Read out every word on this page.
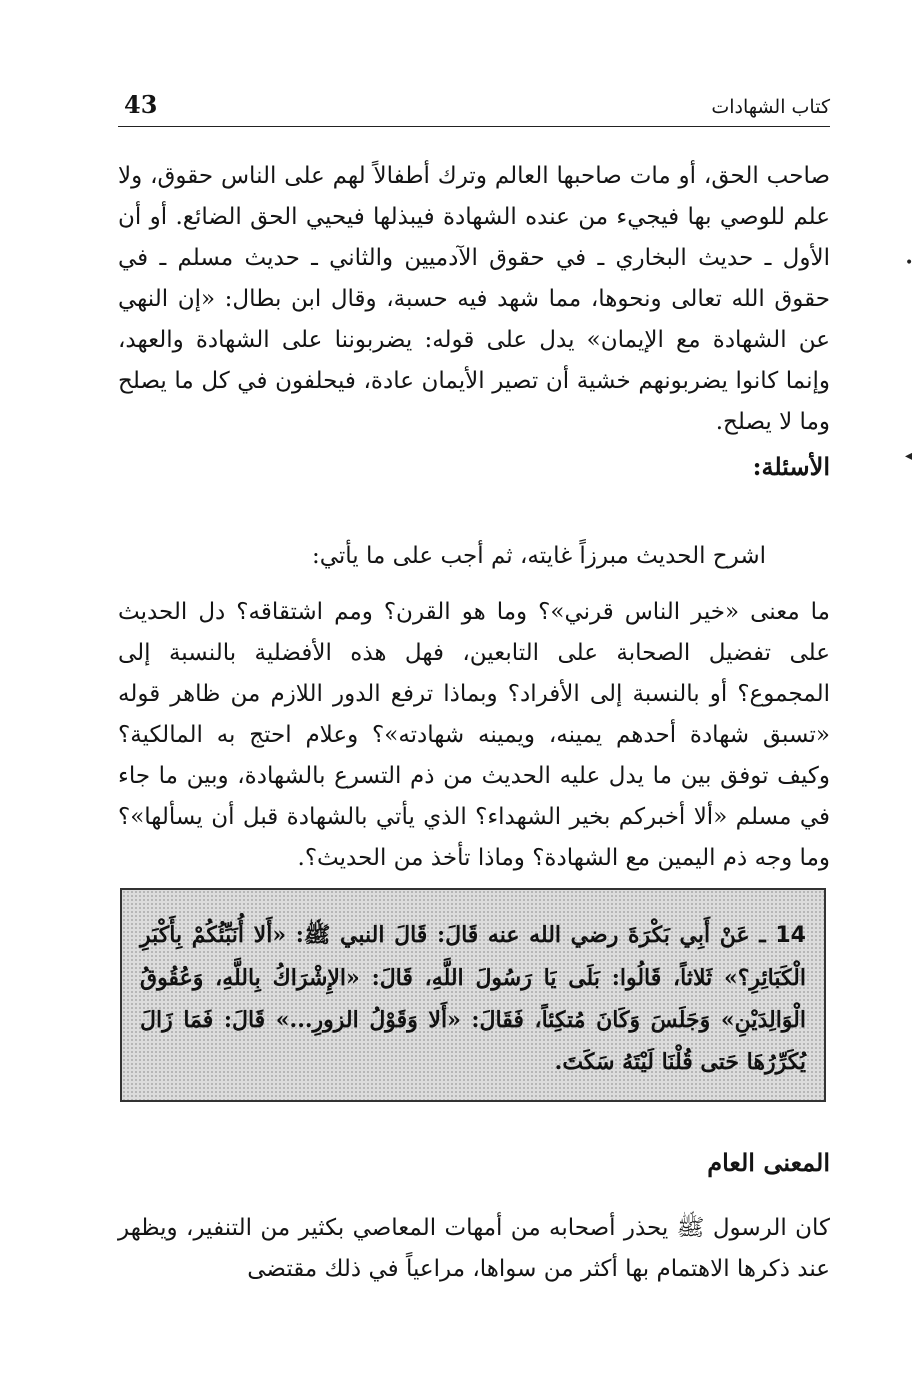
43	كتاب الشهادات

صاحب الحق، أو مات صاحبها العالم وترك أطفالاً لهم على الناس حقوق، ولا علم للوصي بها فيجيء من عنده الشهادة فيبذلها فيحيي الحق الضائع. أو أن الأول ـ حديث البخاري ـ في حقوق الآدميين والثاني ـ حديث مسلم ـ في حقوق الله تعالى ونحوها، مما شهد فيه حسبة، وقال ابن بطال: «إن النهي عن الشهادة مع الإيمان» يدل على قوله: يضربوننا على الشهادة والعهد، وإنما كانوا يضربونهم خشية أن تصير الأيمان عادة، فيحلفون في كل ما يصلح وما لا يصلح.

الأسئلة:
اشرح الحديث مبرزاً غايته، ثم أجب على ما يأتي:

ما معنى «خير الناس قرني»؟ وما هو القرن؟ ومم اشتقاقه؟ دل الحديث على تفضيل الصحابة على التابعين، فهل هذه الأفضلية بالنسبة إلى المجموع؟ أو بالنسبة إلى الأفراد؟ وبماذا ترفع الدور اللازم من ظاهر قوله «تسبق شهادة أحدهم يمينه، ويمينه شهادته»؟ وعلام احتج به المالكية؟ وكيف توفق بين ما يدل عليه الحديث من ذم التسرع بالشهادة، وبين ما جاء في مسلم «ألا أخبركم بخير الشهداء؟ الذي يأتي بالشهادة قبل أن يسألها»؟ وما وجه ذم اليمين مع الشهادة؟ وماذا تأخذ من الحديث؟.

14 ـ عَنْ أَبِي بَكْرَةَ رضي الله عنه قَالَ: قَالَ النبي ﷺ: «أَلا أُنَبِّئُكُمْ بِأَكْبَرِ الْكَبَائِرِ؟» ثَلاثاً، قَالُوا: بَلَى يَا رَسُولَ اللَّهِ، قَالَ: «الإِشْرَاكُ بِاللَّهِ، وَعُقُوقُ الْوَالِدَيْنِ» وَجَلَسَ وَكَانَ مُتكِئاً، فَقَالَ: «أَلا وَقَوْلُ الزورِ...» قَالَ: فَمَا زَالَ يُكَرِّرُهَا حَتى قُلْنَا لَيْتَهُ سَكَتَ.

المعنى العام

كان الرسول ﷺ يحذر أصحابه من أمهات المعاصي بكثير من التنفير، ويظهر عند ذكرها الاهتمام بها أكثر من سواها، مراعياً في ذلك مقتضى

•
◂
